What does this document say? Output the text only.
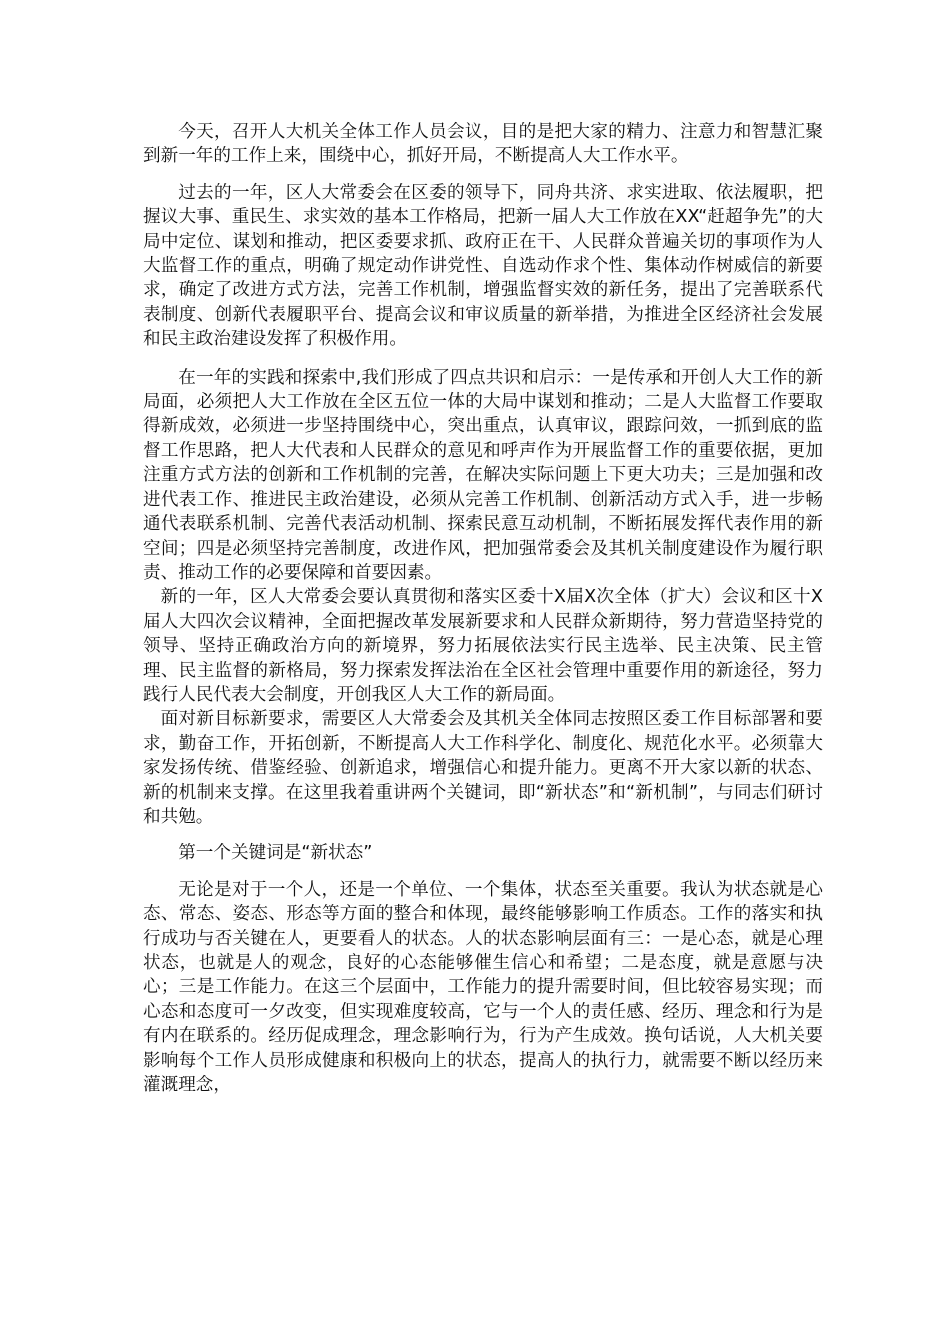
今天，召开人大机关全体工作人员会议，目的是把大家的精力、注意力和智慧汇聚到新一年的工作上来，围绕中心，抓好开局，不断提高人大工作水平。

过去的一年，区人大常委会在区委的领导下，同舟共济、求实进取、依法履职，把握议大事、重民生、求实效的基本工作格局，把新一届人大工作放在XX“赶超争先”的大局中定位、谋划和推动，把区委要求抓、政府正在干、人民群众普遍关切的事项作为人大监督工作的重点，明确了规定动作讲党性、自选动作求个性、集体动作树威信的新要求，确定了改进方式方法，完善工作机制，增强监督实效的新任务，提出了完善联系代表制度、创新代表履职平台、提高会议和审议质量的新举措，为推进全区经济社会发展和民主政治建设发挥了积极作用。

在一年的实践和探索中,我们形成了四点共识和启示：一是传承和开创人大工作的新局面，必须把人大工作放在全区五位一体的大局中谋划和推动；二是人大监督工作要取得新成效，必须进一步坚持围绕中心，突出重点，认真审议，跟踪问效，一抓到底的监督工作思路，把人大代表和人民群众的意见和呼声作为开展监督工作的重要依据，更加注重方式方法的创新和工作机制的完善，在解决实际问题上下更大功夫；三是加强和改进代表工作、推进民主政治建设，必须从完善工作机制、创新活动方式入手，进一步畅通代表联系机制、完善代表活动机制、探索民意互动机制，不断拓展发挥代表作用的新空间；四是必须坚持完善制度，改进作风，把加强常委会及其机关制度建设作为履行职责、推动工作的必要保障和首要因素。

新的一年，区人大常委会要认真贯彻和落实区委十Ⅹ届Ⅹ次全体（扩大）会议和区十Ⅹ届人大四次会议精神，全面把握改革发展新要求和人民群众新期待，努力营造坚持党的领导、坚持正确政治方向的新境界，努力拓展依法实行民主选举、民主决策、民主管理、民主监督的新格局，努力探索发挥法治在全区社会管理中重要作用的新途径，努力践行人民代表大会制度，开创我区人大工作的新局面。

面对新目标新要求，需要区人大常委会及其机关全体同志按照区委工作目标部署和要求，勤奋工作，开拓创新，不断提高人大工作科学化、制度化、规范化水平。必须靠大家发扬传统、借鉴经验、创新追求，增强信心和提升能力。更离不开大家以新的状态、新的机制来支撑。在这里我着重讲两个关键词，即“新状态”和“新机制”，与同志们研讨和共勉。

第一个关键词是“新状态”

无论是对于一个人，还是一个单位、一个集体，状态至关重要。我认为状态就是心态、常态、姿态、形态等方面的整合和体现，最终能够影响工作质态。工作的落实和执行成功与否关键在人，更要看人的状态。人的状态影响层面有三：一是心态，就是心理状态，也就是人的观念，良好的心态能够催生信心和希望；二是态度，就是意愿与决心；三是工作能力。在这三个层面中，工作能力的提升需要时间，但比较容易实现；而心态和态度可一夕改变，但实现难度较高，它与一个人的责任感、经历、理念和行为是有内在联系的。经历促成理念，理念影响行为，行为产生成效。换句话说，人大机关要影响每个工作人员形成健康和积极向上的状态，提高人的执行力，就需要不断以经历来灌溉理念，
